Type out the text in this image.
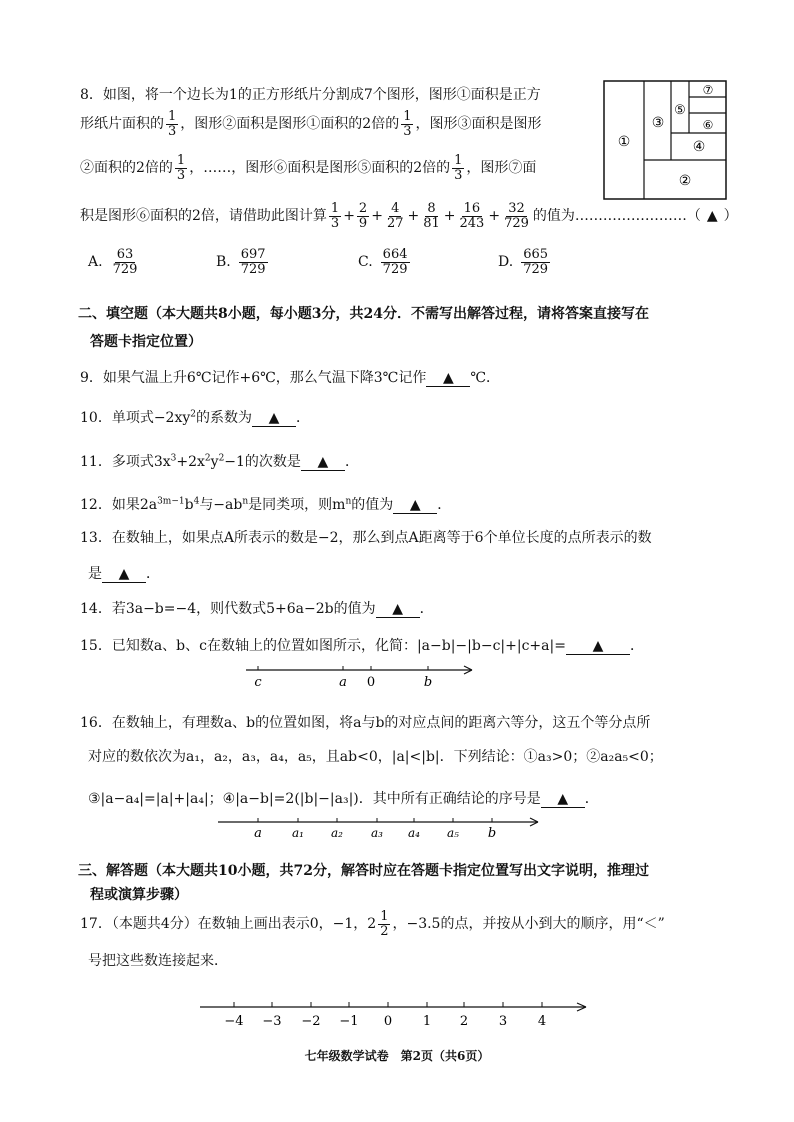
8．如图，将一个边长为1的正方形纸片分割成7个图形，图形①面积是正方
形纸片面积的 $\frac{1}{3}$ ，图形②面积是图形①面积的2倍的 $\frac{1}{3}$ ，图形③面积是图形
②面积的2倍的 $\frac{1}{3}$ ，……，图形⑥面积是图形⑤面积的2倍的 $\frac{1}{3}$ ，图形⑦面
积是图形⑥面积的2倍，请借助此图计算 $\frac{1}{3} + \frac{2}{9} + \frac{4}{27} + \frac{8}{81} + \frac{16}{243} + \frac{32}{729}$ 的值为……………………（ ▲ ）
①
②
③
④
⑤
⑥
⑦
A. $\frac{63}{729}$	B. $\frac{697}{729}$	C. $\frac{664}{729}$	D. $\frac{665}{729}$
二、填空题（本大题共8小题，每小题3分，共24分．不需写出解答过程，请将答案直接写在
答题卡指定位置）
9．如果气温上升6℃记作+6℃，那么气温下降3℃记作 ▲ ℃．
10．单项式$-2xy^2$的系数为 ▲ ．
11．多项式$3x^3+2x^2y^2-1$的次数是 ▲ ．
12．如果$2a^{3m-1}b^4$与$-ab^n$是同类项，则$m^n$的值为 ▲ ．
13．在数轴上，如果点A所表示的数是−2，那么到点A距离等于6个单位长度的点所表示的数
是 ▲ ．
14．若3a−b=−4，则代数式5+6a−2b的值为 ▲ ．
15．已知数a、b、c在数轴上的位置如图所示，化简：|a−b|−|b−c|+|c+a|= ▲ ．
c	a 0	b
16．在数轴上，有理数a、b的位置如图，将a与b的对应点间的距离六等分，这五个等分点所
对应的数依次为a₁，a₂，a₃，a₄，a₅，且ab<0，|a|<|b|．下列结论：①a₃>0；②a₂a₅<0；
③|a−a₄|=|a|+|a₄|；④|a−b|=2(|b|−|a₃|)．其中所有正确结论的序号是 ▲ ．
a	a₁ a₂ a₃ a₄ a₅ b
三、解答题（本大题共10小题，共72分，解答时应在答题卡指定位置写出文字说明，推理过
程或演算步骤）
17．（本题共4分）在数轴上画出表示0，−1，$2 \frac{1}{2}$ ，−3.5的点，并按从小到大的顺序，用“＜”
号把这些数连接起来．
−4 −3 −2 −1 0 1 2 3 4
七年级数学试卷　第2页（共6页）
